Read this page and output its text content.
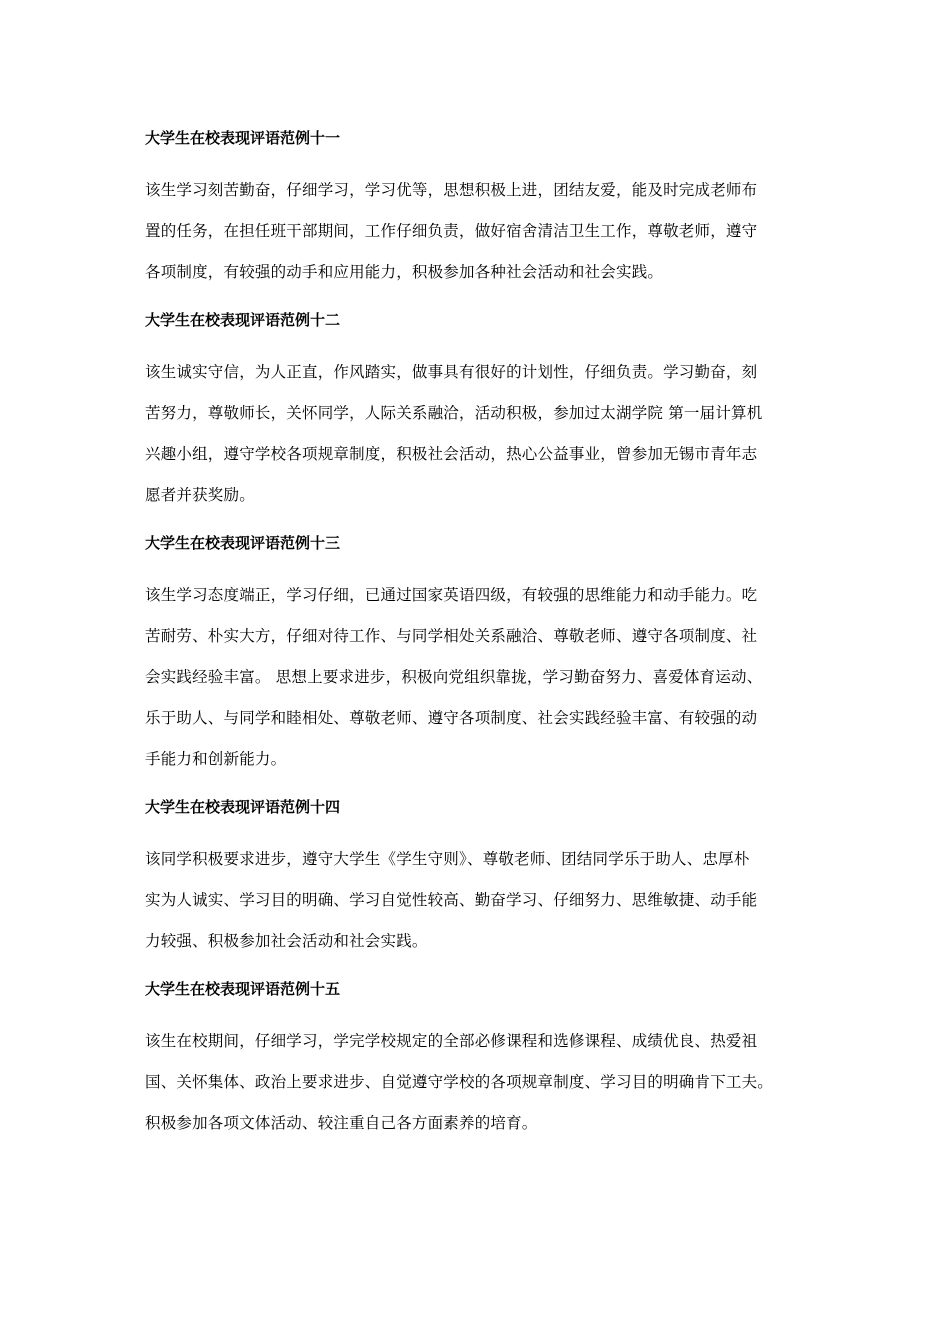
大学生在校表现评语范例十一
该生学习刻苦勤奋，仔细学习，学习优等，思想积极上进，团结友爱，能及时完成老师布
置的任务，在担任班干部期间，工作仔细负责，做好宿舍清洁卫生工作，尊敬老师，遵守
各项制度，有较强的动手和应用能力，积极参加各种社会活动和社会实践。
大学生在校表现评语范例十二
该生诚实守信，为人正直，作风踏实，做事具有很好的计划性，仔细负责。学习勤奋，刻
苦努力，尊敬师长，关怀同学，人际关系融洽，活动积极，参加过太湖学院 第一届计算机
兴趣小组，遵守学校各项规章制度，积极社会活动，热心公益事业，曾参加无锡市青年志
愿者并获奖励。
大学生在校表现评语范例十三
该生学习态度端正，学习仔细，已通过国家英语四级，有较强的思维能力和动手能力。吃
苦耐劳、朴实大方，仔细对待工作、与同学相处关系融洽、尊敬老师、遵守各项制度、社
会实践经验丰富。 思想上要求进步，积极向党组织靠拢，学习勤奋努力、喜爱体育运动、
乐于助人、与同学和睦相处、尊敬老师、遵守各项制度、社会实践经验丰富、有较强的动
手能力和创新能力。
大学生在校表现评语范例十四
该同学积极要求进步，遵守大学生《学生守则》、尊敬老师、团结同学乐于助人、忠厚朴
实为人诚实、学习目的明确、学习自觉性较高、勤奋学习、仔细努力、思维敏捷、动手能
力较强、积极参加社会活动和社会实践。
大学生在校表现评语范例十五
该生在校期间，仔细学习，学完学校规定的全部必修课程和选修课程、成绩优良、热爱祖
国、关怀集体、政治上要求进步、自觉遵守学校的各项规章制度、学习目的明确肯下工夫。
积极参加各项文体活动、较注重自己各方面素养的培育。
